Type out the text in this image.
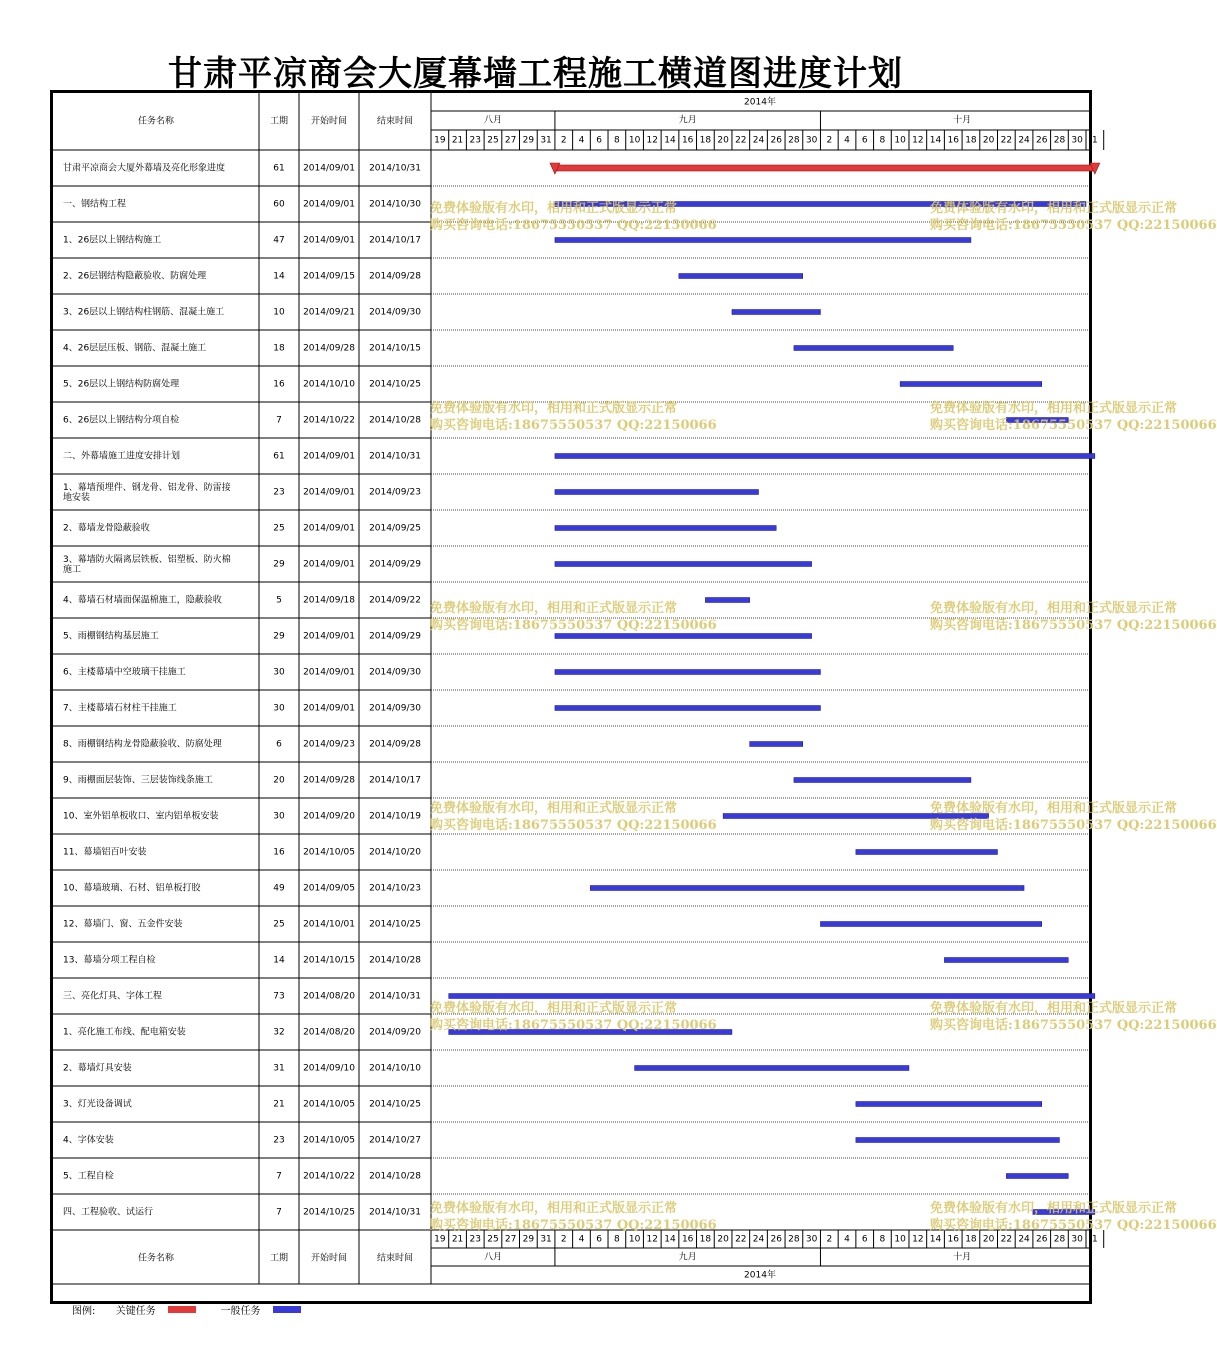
甘肃平凉商会大厦幕墙工程施工横道图进度计划
任务名称	工期	开始时间	结束时间
2014年
八月	九月	十月
19 21 23 25 27 29 31 2 4 6 8 10 12 14 16 18 20 22 24 26 28 30 2 4 6 8 10 12 14 16 18 20 22 24 26 28 30 1
甘肃平凉商会大厦外幕墙及亮化形象进度	61 2014/09/01 2014/10/31
一、钢结构工程	60 2014/09/01 2014/10/30
1、26层以上钢结构施工	47 2014/09/01 2014/10/17
2、26层钢结构隐蔽验收、防腐处理	14 2014/09/15 2014/09/28
3、26层以上钢结构柱钢筋、混凝土施工	10 2014/09/21 2014/09/30
4、26层层压板、钢筋、混凝土施工	18 2014/09/28 2014/10/15
5、26层以上钢结构防腐处理	16 2014/10/10 2014/10/25
6、26层以上钢结构分项自检	7 2014/10/22 2014/10/28
二、外幕墙施工进度安排计划	61 2014/09/01 2014/10/31
1、幕墙预埋件、钢龙骨、铝龙骨、防雷接地安装	23 2014/09/01 2014/09/23
2、幕墙龙骨隐蔽验收	25 2014/09/01 2014/09/25
3、幕墙防火隔离层铁板、铝塑板、防火棉施工	29 2014/09/01 2014/09/29
4、幕墙石材墙面保温棉施工，隐蔽验收	5 2014/09/18 2014/09/22
5、雨棚钢结构基层施工	29 2014/09/01 2014/09/29
6、主楼幕墙中空玻璃干挂施工	30 2014/09/01 2014/09/30
7、主楼幕墙石材柱干挂施工	30 2014/09/01 2014/09/30
8、雨棚钢结构龙骨隐蔽验收、防腐处理	6 2014/09/23 2014/09/28
9、雨棚面层装饰、三层装饰线条施工	20 2014/09/28 2014/10/17
10、室外铝单板收口、室内铝单板安装	30 2014/09/20 2014/10/19
11、幕墙铝百叶安装	16 2014/10/05 2014/10/20
10、幕墙玻璃、石材、铝单板打胶	49 2014/09/05 2014/10/23
12、幕墙门、窗、五金件安装	25 2014/10/01 2014/10/25
13、幕墙分项工程自检	14 2014/10/15 2014/10/28
三、亮化灯具、字体工程	73 2014/08/20 2014/10/31
1、亮化施工布线、配电箱安装	32 2014/08/20 2014/09/20
2、幕墙灯具安装	31 2014/09/10 2014/10/10
3、灯光设备调试	21 2014/10/05 2014/10/25
4、字体安装	23 2014/10/05 2014/10/27
5、工程自检	7 2014/10/22 2014/10/28
四、工程验收、试运行	7 2014/10/25 2014/10/31
任务名称	工期	开始时间	结束时间
19 21 23 25 27 29 31 2 4 6 8 10 12 14 16 18 20 22 24 26 28 30 2 4 6 8 10 12 14 16 18 20 22 24 26 28 30 1
八月	九月	十月
2014年
免费体验版有水印，相用和正式版显示正常
购买咨询电话:18675550537 QQ:22150066
免费体验版有水印，相用和正式版显示正常
购买咨询电话:18675550537 QQ:22150066
免费体验版有水印，相用和正式版显示正常
购买咨询电话:18675550537 QQ:22150066
免费体验版有水印，相用和正式版显示正常
购买咨询电话:18675550537 QQ:22150066
免费体验版有水印，相用和正式版显示正常
购买咨询电话:18675550537 QQ:22150066
免费体验版有水印，相用和正式版显示正常
购买咨询电话:18675550537 QQ:22150066
免费体验版有水印，相用和正式版显示正常
购买咨询电话:18675550537 QQ:22150066
免费体验版有水印，相用和正式版显示正常
购买咨询电话:18675550537 QQ:22150066
免费体验版有水印，相用和正式版显示正常
购买咨询电话:18675550537 QQ:22150066
免费体验版有水印，相用和正式版显示正常
购买咨询电话:18675550537 QQ:22150066
免费体验版有水印，相用和正式版显示正常
购买咨询电话:18675550537 QQ:22150066
免费体验版有水印，相用和正式版显示正常
购买咨询电话:18675550537 QQ:22150066
图例: 关键任务	一般任务
